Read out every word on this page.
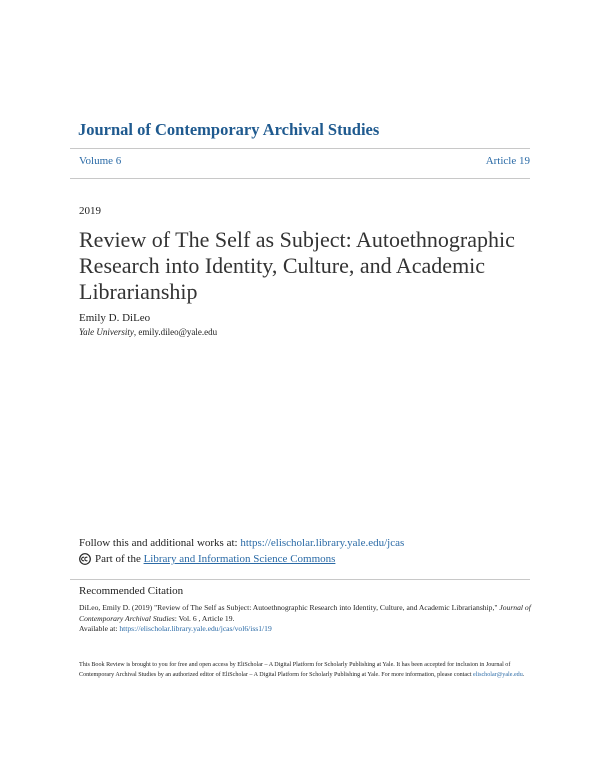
Journal of Contemporary Archival Studies
Volume 6	Article 19
2019
Review of The Self as Subject: Autoethnographic Research into Identity, Culture, and Academic Librarianship
Emily D. DiLeo
Yale University, emily.dileo@yale.edu
Follow this and additional works at: https://elischolar.library.yale.edu/jcas
Part of the
Library and Information Science Commons
Recommended Citation
DiLeo, Emily D. (2019) "Review of The Self as Subject: Autoethnographic Research into Identity, Culture, and Academic Librarianship," Journal of Contemporary Archival Studies: Vol. 6 , Article 19.
Available at: https://elischolar.library.yale.edu/jcas/vol6/iss1/19
This Book Review is brought to you for free and open access by EliScholar – A Digital Platform for Scholarly Publishing at Yale. It has been accepted for inclusion in Journal of Contemporary Archival Studies by an authorized editor of EliScholar – A Digital Platform for Scholarly Publishing at Yale. For more information, please contact elischolar@yale.edu.
